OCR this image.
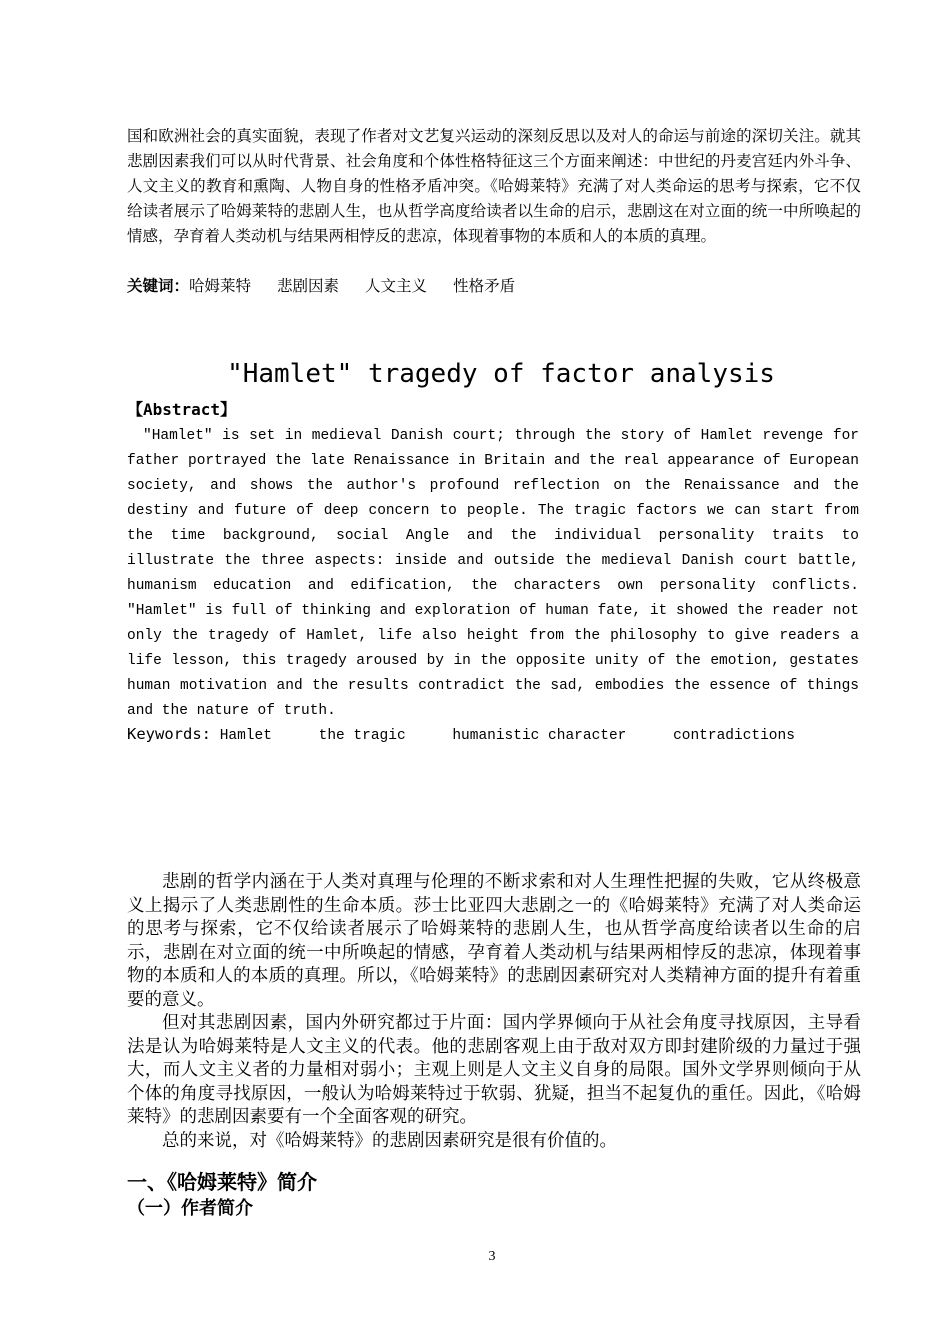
国和欧洲社会的真实面貌，表现了作者对文艺复兴运动的深刻反思以及对人的命运与前途的深切关注。就其悲剧因素我们可以从时代背景、社会角度和个体性格特征这三个方面来阐述：中世纪的丹麦宫廷内外斗争、人文主义的教育和熏陶、人物自身的性格矛盾冲突。《哈姆莱特》充满了对人类命运的思考与探索，它不仅给读者展示了哈姆莱特的悲剧人生，也从哲学高度给读者以生命的启示，悲剧这在对立面的统一中所唤起的情感，孕育着人类动机与结果两相悖反的悲凉，体现着事物的本质和人的本质的真理。

关键词：哈姆莱特 悲剧因素 人文主义 性格矛盾
"Hamlet" tragedy of factor analysis
【Abstract】

"Hamlet" is set in medieval Danish court; through the story of Hamlet revenge for father portrayed the late Renaissance in Britain and the real appearance of European society, and shows the author's profound reflection on the Renaissance and the destiny and future of deep concern to people. The tragic factors we can start from the time background, social Angle and the individual personality traits to illustrate the three aspects: inside and outside the medieval Danish court battle, humanism education and edification, the characters own personality conflicts. "Hamlet" is full of thinking and exploration of human fate, it showed the reader not only the tragedy of Hamlet, life also height from the philosophy to give readers a life lesson, this tragedy aroused by in the opposite unity of the emotion, gestates human motivation and the results contradict the sad, embodies the essence of things and the nature of truth.

Keywords: Hamlet	the tragic	humanistic character	contradictions

悲剧的哲学内涵在于人类对真理与伦理的不断求索和对人生理性把握的失败，它从终极意义上揭示了人类悲剧性的生命本质。莎士比亚四大悲剧之一的《哈姆莱特》充满了对人类命运的思考与探索，它不仅给读者展示了哈姆莱特的悲剧人生，也从哲学高度给读者以生命的启示，悲剧在对立面的统一中所唤起的情感，孕育着人类动机与结果两相悖反的悲凉，体现着事物的本质和人的本质的真理。所以，《哈姆莱特》的悲剧因素研究对人类精神方面的提升有着重要的意义。

但对其悲剧因素，国内外研究都过于片面：国内学界倾向于从社会角度寻找原因，主导看法是认为哈姆莱特是人文主义的代表。他的悲剧客观上由于敌对双方即封建阶级的力量过于强大，而人文主义者的力量相对弱小；主观上则是人文主义自身的局限。国外文学界则倾向于从个体的角度寻找原因，一般认为哈姆莱特过于软弱、犹疑，担当不起复仇的重任。因此，《哈姆莱特》的悲剧因素要有一个全面客观的研究。

总的来说，对《哈姆莱特》的悲剧因素研究是很有价值的。

一、《哈姆莱特》简介
（一）作者简介
3
